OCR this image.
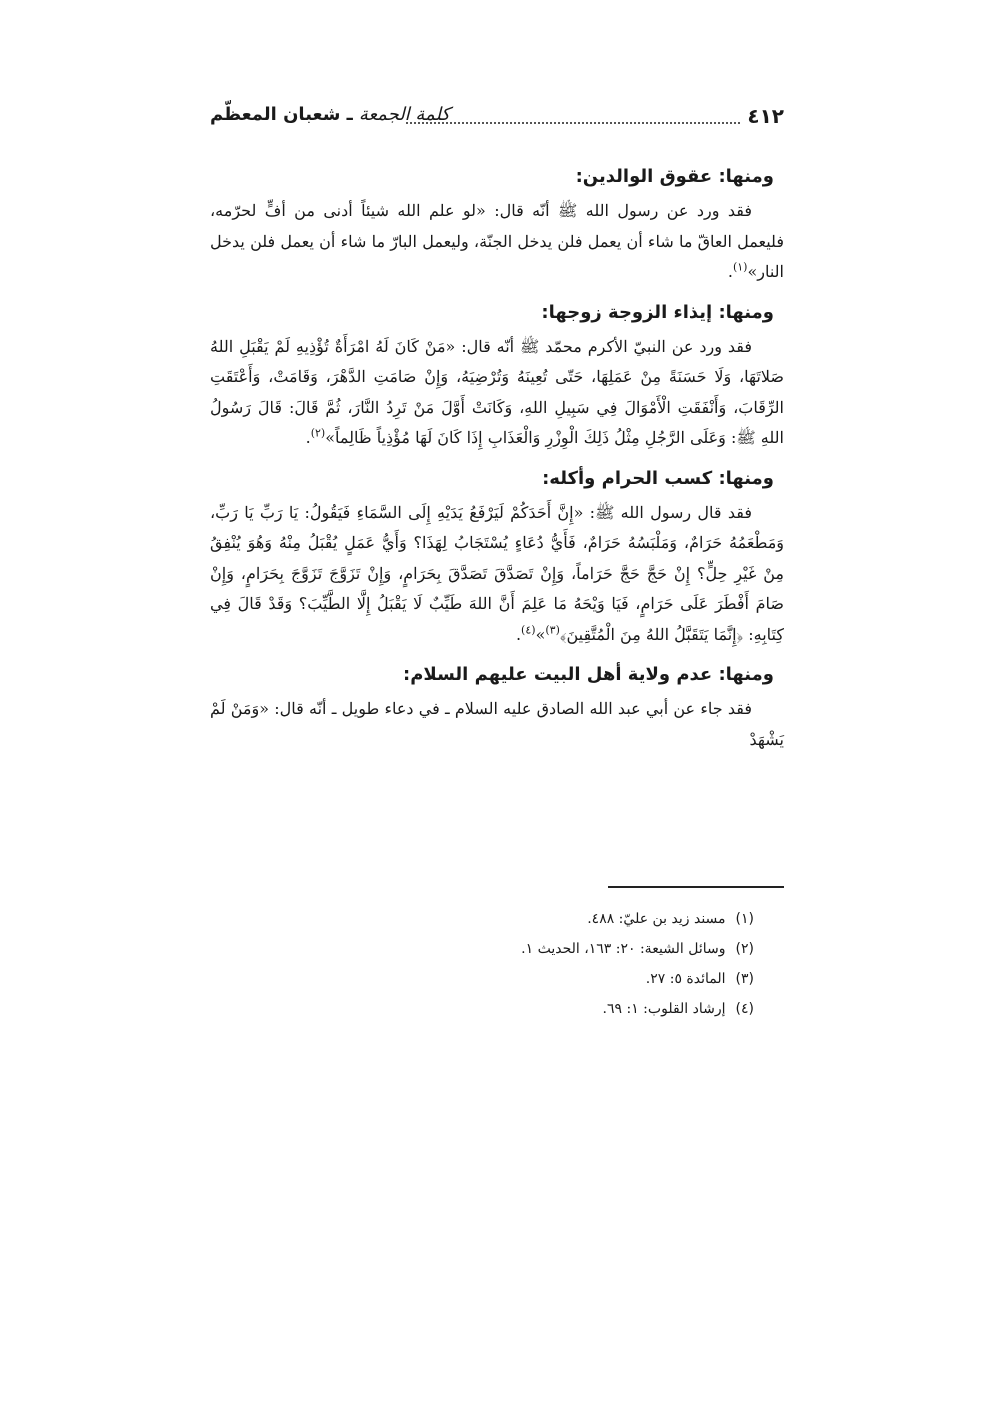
٤١٢
كلمة الجمعةـ شعبان المعظّم
ومنها: عقوق الوالدين:

فقد ورد عن رسول الله ﷺ أنّه قال: «لو علم الله شيئاً أدنى من أفٍّ لحرّمه، فليعمل العاقّ ما شاء أن يعمل فلن يدخل الجنّة، وليعمل البارّ ما شاء أن يعمل فلن يدخل النار»$^{(١)}$.

ومنها: إيذاء الزوجة زوجها:

فقد ورد عن النبيّ الأكرم محمّد ﷺ أنّه قال: «مَنْ كَانَ لَهُ امْرَأَةٌ تُؤْذِيهِ لَمْ يَقْبَلِ اللهُ صَلاتَهَا، وَلَا حَسَنَةً مِنْ عَمَلِهَا، حَتّى تُعِينَهُ وَتُرْضِيَهُ، وَإِنْ صَامَتِ الدَّهْرَ، وَقَامَتْ، وَأَعْتَقَتِ الرِّقَابَ، وَأَنْفَقَتِ الْأَمْوَالَ فِي سَبِيلِ اللهِ، وَكَانَتْ أَوَّلَ مَنْ تَرِدُ النَّارَ، ثُمَّ قَالَ: قَالَ رَسُولُ اللهِ ﷺ: وَعَلَى الرَّجُلِ مِثْلُ ذَلِكَ الْوِزْرِ وَالْعَذَابِ إِذَا كَانَ لَهَا مُؤْذِياً ظَالِماً»$^{(٢)}$.

ومنها: كسب الحرام وأكله:

فقد قال رسول الله ﷺ: «إِنَّ أَحَدَكُمْ لَيَرْفَعُ يَدَيْهِ إِلَى السَّمَاءِ فَيَقُولُ: يَا رَبِّ يَا رَبِّ، وَمَطْعَمُهُ حَرَامٌ، وَمَلْبَسُهُ حَرَامٌ، فَأَيُّ دُعَاءٍ يُسْتَجَابُ لِهَذَا؟ وَأَيُّ عَمَلٍ يُقْبَلُ مِنْهُ وَهُوَ يُنْفِقُ مِنْ غَيْرِ حِلٍّ؟ إِنْ حَجَّ حَجَّ حَرَاماً، وَإِنْ تَصَدَّقَ تَصَدَّقَ بِحَرَامٍ، وَإِنْ تَزَوَّجَ تَزَوَّجَ بِحَرَامٍ، وَإِنْ صَامَ أَفْطَرَ عَلَى حَرَامٍ، فَيَا وَيْحَهُ مَا عَلِمَ أَنَّ اللهَ طَيِّبٌ لَا يَقْبَلُ إِلَّا الطَّيِّبَ؟ وَقَدْ قَالَ فِي كِتَابِهِ: ﴿إِنَّمَا يَتَقَبَّلُ اللهُ مِنَ الْمُتَّقِينَ﴾$^{(٣)}$»$^{(٤)}$.

ومنها: عدم ولاية أهل البيت عليهم السلام:

فقد جاء عن أبي عبد الله الصادق عليه السلام ـ في دعاء طويل ـ أنّه قال: «وَمَنْ لَمْ يَشْهَدْ

(١)مسند زيد بن عليّ: ٤٨٨.
(٢)وسائل الشيعة: ٢٠: ١٦٣، الحديث ١.
(٣)المائدة ٥: ٢٧.
(٤)إرشاد القلوب: ١: ٦٩.
